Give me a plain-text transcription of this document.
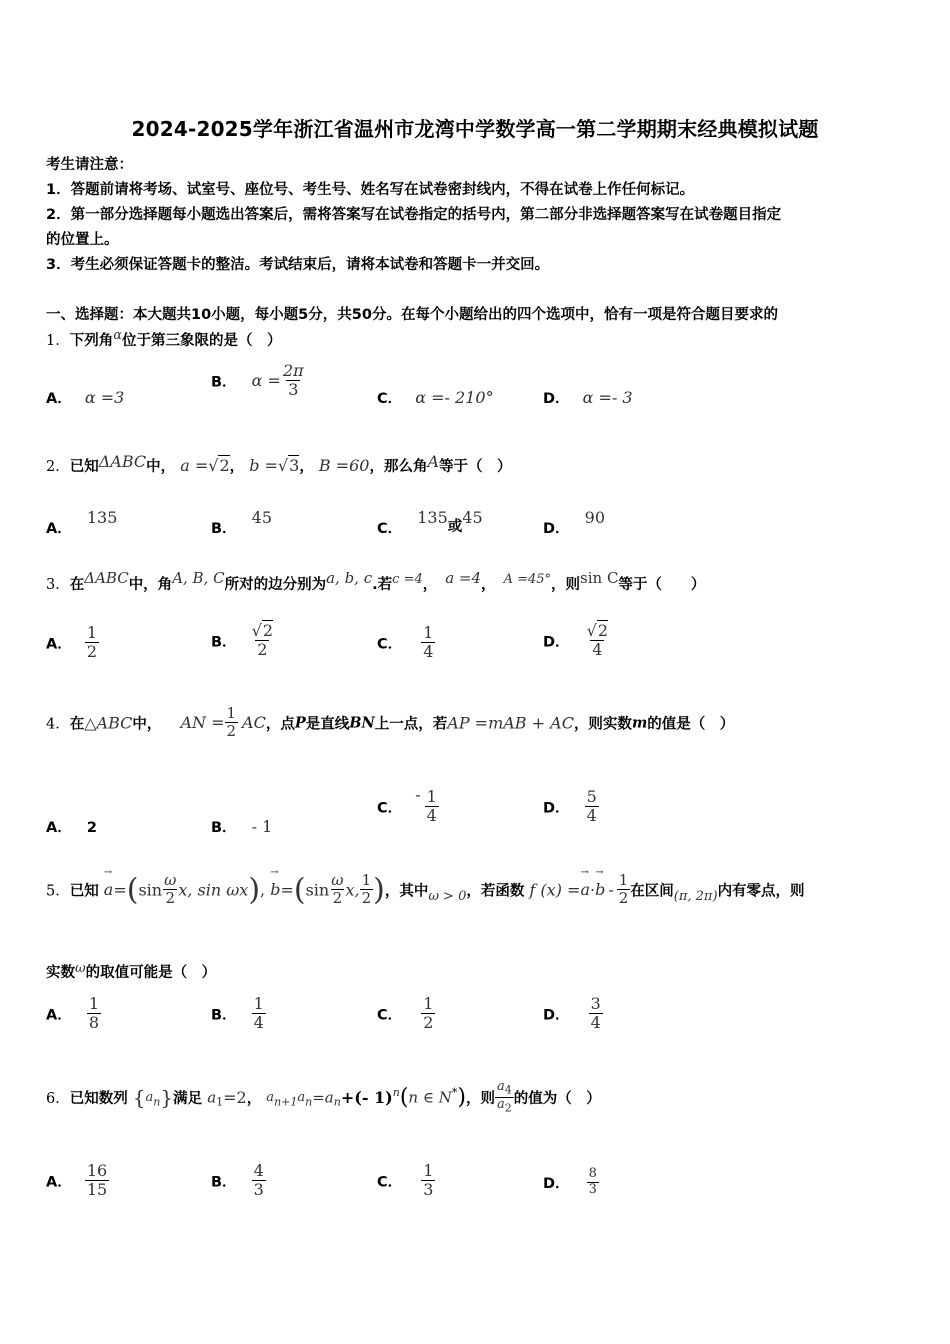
2024-2025学年浙江省温州市龙湾中学数学高一第二学期期末经典模拟试题
考生请注意：
1．答题前请将考场、试室号、座位号、考生号、姓名写在试卷密封线内，不得在试卷上作任何标记。
2．第一部分选择题每小题选出答案后，需将答案写在试卷指定的括号内，第二部分非选择题答案写在试卷题目指定
的位置上。
3．考生必须保证答题卡的整洁。考试结束后，请将本试卷和答题卡一并交回。
一、选择题：本大题共10小题，每小题5分，共50分。在每个小题给出的四个选项中，恰有一项是符合题目要求的
1．下列角α位于第三象限的是（　）
A． α =3
B． $\alpha = \frac{2\pi}{3}$	C． α =- 210°	D． α =- 3
2．已知ΔABC中， a =√2， b =√3， B =60，那么角A等于（　）
A． 135
B． 45
C． 135或45
D． 90
3．在ΔABC中，角A, B, C所对的边分别为a, b, c.若c =4， a =4， A =45°，则sin C等于（　　）
A． $\frac{1}{2}$	B． $\frac{√2}{2}$	C． $\frac{1}{4}$	D． $\frac{√2}{4}$
4．在△ABC中， AN = $\frac{1}{2}$ AC，点P是直线BN上一点，若AP =mAB + AC，则实数m的值是（　）
A． 2	B． - 1
C． - $\frac{1}{4}$	D． $\frac{5}{4}$
5．已知 → $a=(\sin \frac{\omega}{2} x$, sin ωx), → $b=(\sin \frac{\omega}{2} x$, $\frac{1}{2}$ )，其中ω > 0，若函数 f $(x) =\to a\cdot\to b - \frac{1}{2}$ 在区间(π, 2π)内有零点，则
实数ω的取值可能是（　）
A． $\frac{1}{8}$	B． $\frac{1}{4}$	C． $\frac{1}{2}$	D． $\frac{3}{4}$
6．已知数列 $\{a_n\}$满足 $a_1=2$， $a_{n+1}a_n=a_n+(-$ 1)$^n$(n ∈ N*)，则 $\frac{a_4}{a_2}$ 的值为（　）
A． $\frac{16}{15}$	B． $\frac{4}{3}$	C． $\frac{1}{3}$	D． $\frac{8}{3}$
